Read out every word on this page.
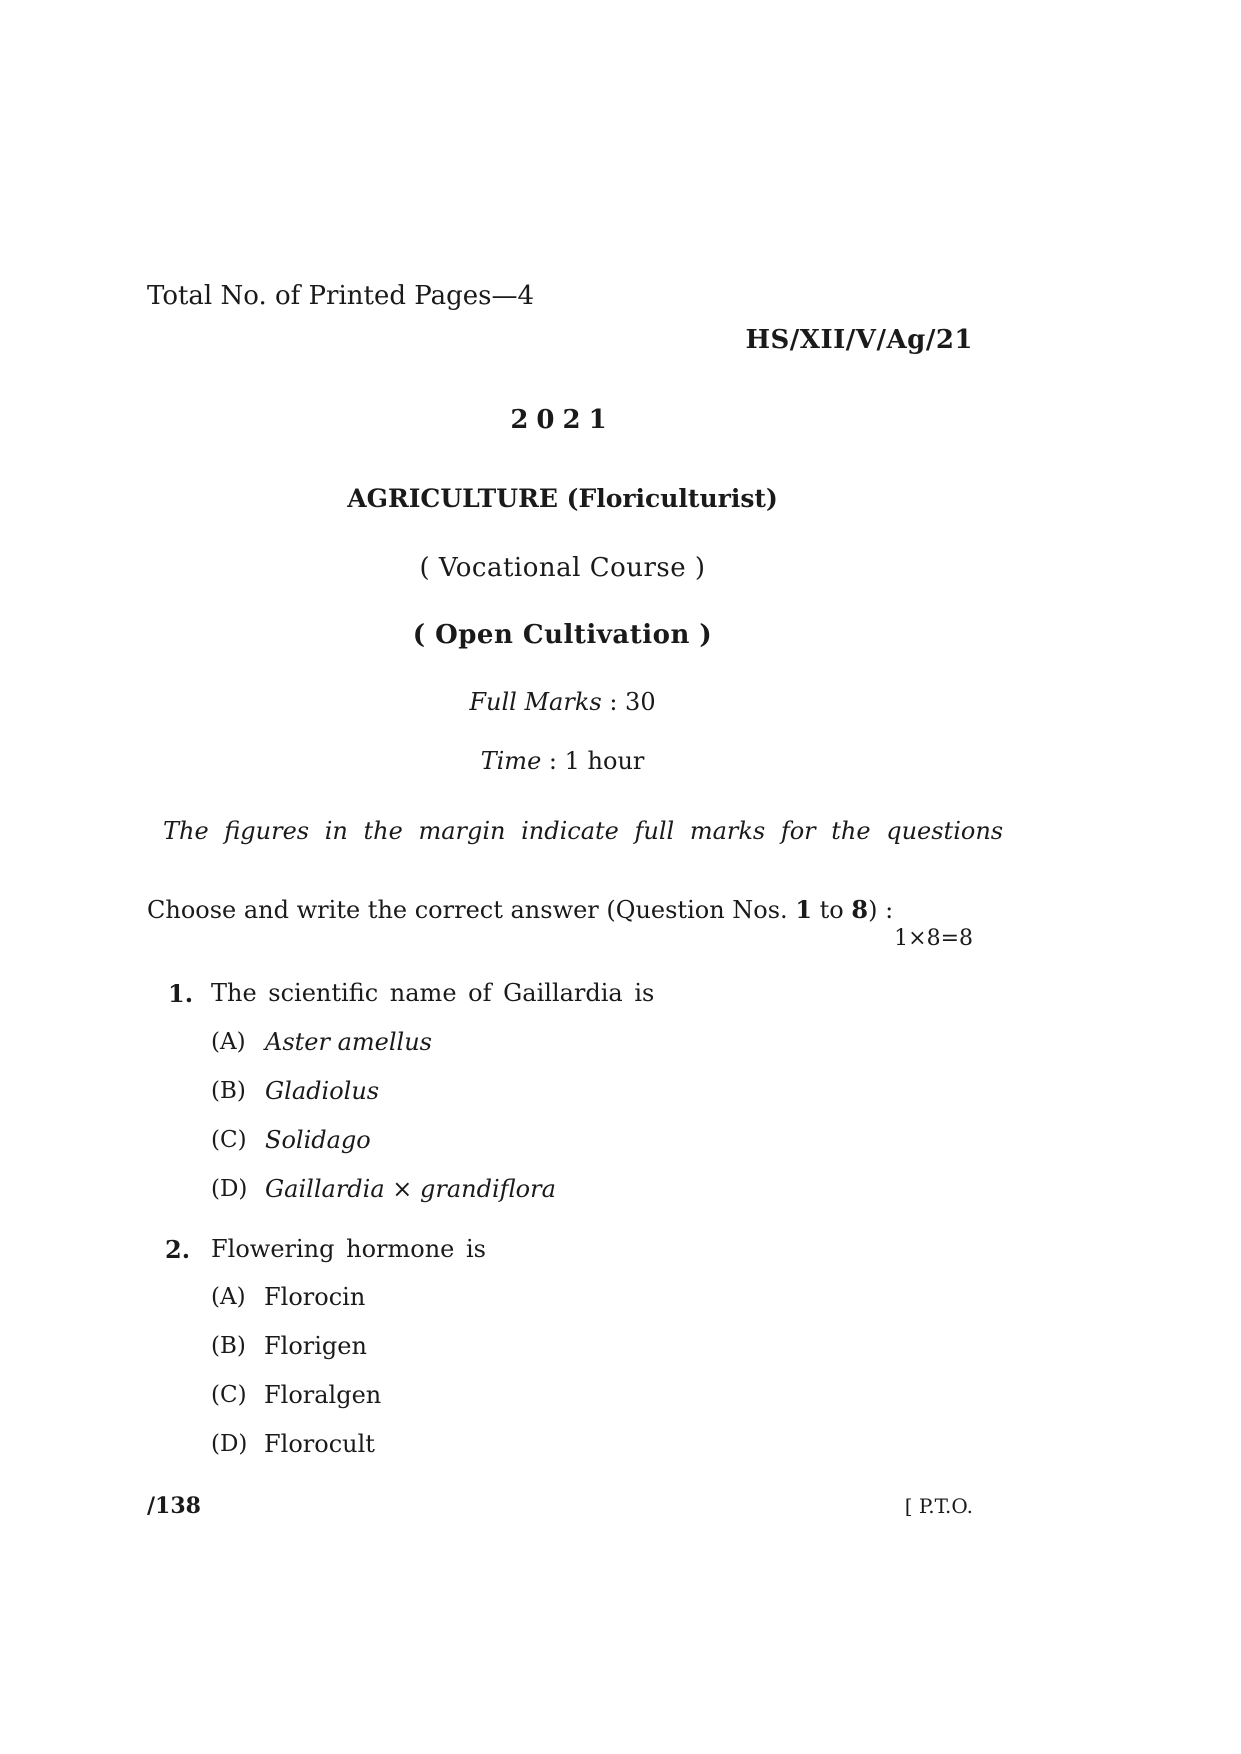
Total No. of Printed Pages—4
HS/XII/V/Ag/21
2021
AGRICULTURE (Floriculturist)
( Vocational Course )
( Open Cultivation )
Full Marks : 30
Time : 1 hour
The figures in the margin indicate full marks for the questions
Choose and write the correct answer (Question Nos. 1 to 8) :
1×8=8
1. The scientific name of Gaillardia is
(A) Aster amellus
(B) Gladiolus
(C) Solidago
(D) Gaillardia × grandiflora
2. Flowering hormone is
(A) Florocin
(B) Florigen
(C) Floralgen
(D) Florocult
/138	[ P.T.O.
